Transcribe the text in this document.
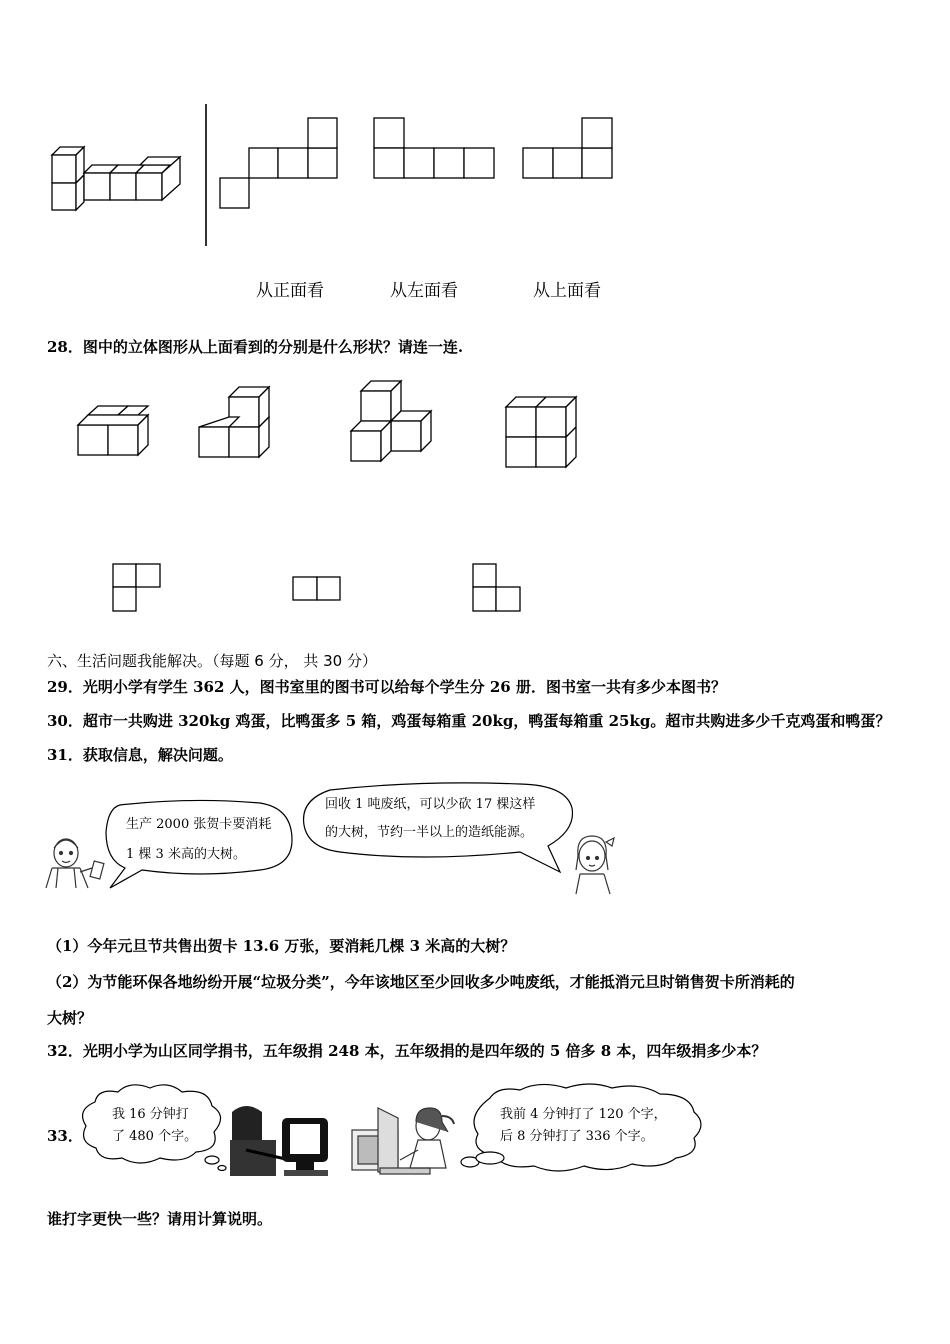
从正面看	从左面看	从上面看
28．图中的立体图形从上面看到的分别是什么形状？请连一连.
六、生活问题我能解决。（每题 6 分， 共 30 分）
29．光明小学有学生 362 人，图书室里的图书可以给每个学生分 26 册．图书室一共有多少本图书？
30．超市一共购进 320kg 鸡蛋，比鸭蛋多 5 箱，鸡蛋每箱重 20kg，鸭蛋每箱重 25kg。超市共购进多少千克鸡蛋和鸭蛋？
31．获取信息，解决问题。
生产 2000 张贺卡要消耗
1 棵 3 米高的大树。
回收 1 吨废纸，可以少砍 17 棵这样
的大树，节约一半以上的造纸能源。
（1）今年元旦节共售出贺卡 13.6 万张，要消耗几棵 3 米高的大树？
（2）为节能环保各地纷纷开展“垃圾分类”，今年该地区至少回收多少吨废纸，才能抵消元旦时销售贺卡所消耗的
大树？
32．光明小学为山区同学捐书，五年级捐 248 本，五年级捐的是四年级的 5 倍多 8 本，四年级捐多少本？
33．
我 16 分钟打
了 480 个字。
我前 4 分钟打了 120 个字，
后 8 分钟打了 336 个字。
谁打字更快一些？请用计算说明。
